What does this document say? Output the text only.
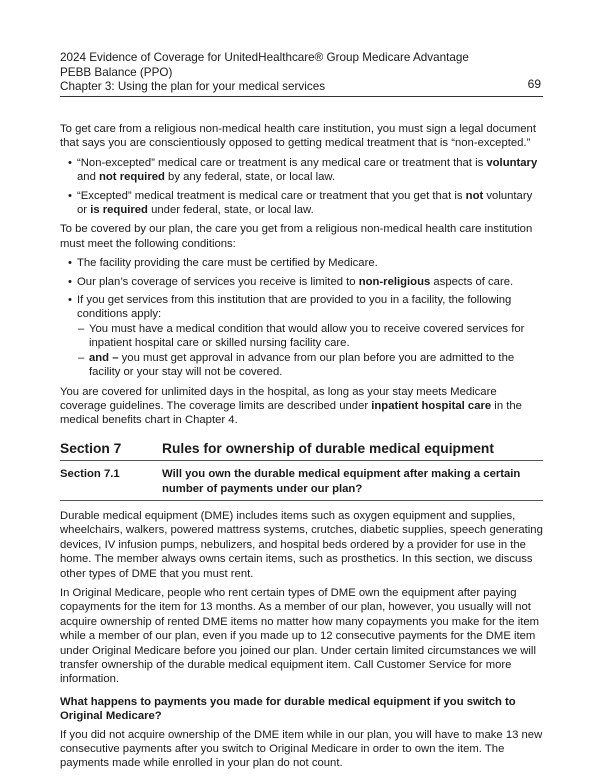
2024 Evidence of Coverage for UnitedHealthcare® Group Medicare Advantage PEBB Balance (PPO)
Chapter 3: Using the plan for your medical services	69

To get care from a religious non-medical health care institution, you must sign a legal document that says you are conscientiously opposed to getting medical treatment that is “non-excepted.”

• “Non-excepted” medical care or treatment is any medical care or treatment that is voluntary and not required by any federal, state, or local law.
• “Excepted” medical treatment is medical care or treatment that you get that is not voluntary or is required under federal, state, or local law.

To be covered by our plan, the care you get from a religious non-medical health care institution must meet the following conditions:

• The facility providing the care must be certified by Medicare.
• Our plan’s coverage of services you receive is limited to non-religious aspects of care.
• If you get services from this institution that are provided to you in a facility, the following conditions apply:
– You must have a medical condition that would allow you to receive covered services for inpatient hospital care or skilled nursing facility care.
– and – you must get approval in advance from our plan before you are admitted to the facility or your stay will not be covered.

You are covered for unlimited days in the hospital, as long as your stay meets Medicare coverage guidelines. The coverage limits are described under inpatient hospital care in the medical benefits chart in Chapter 4.

Section 7	Rules for ownership of durable medical equipment
Section 7.1	Will you own the durable medical equipment after making a certain number of payments under our plan?

Durable medical equipment (DME) includes items such as oxygen equipment and supplies, wheelchairs, walkers, powered mattress systems, crutches, diabetic supplies, speech generating devices, IV infusion pumps, nebulizers, and hospital beds ordered by a provider for use in the home. The member always owns certain items, such as prosthetics. In this section, we discuss other types of DME that you must rent.

In Original Medicare, people who rent certain types of DME own the equipment after paying copayments for the item for 13 months. As a member of our plan, however, you usually will not acquire ownership of rented DME items no matter how many copayments you make for the item while a member of our plan, even if you made up to 12 consecutive payments for the DME item under Original Medicare before you joined our plan. Under certain limited circumstances we will transfer ownership of the durable medical equipment item. Call Customer Service for more information.

What happens to payments you made for durable medical equipment if you switch to Original Medicare?

If you did not acquire ownership of the DME item while in our plan, you will have to make 13 new consecutive payments after you switch to Original Medicare in order to own the item. The payments made while enrolled in your plan do not count.
